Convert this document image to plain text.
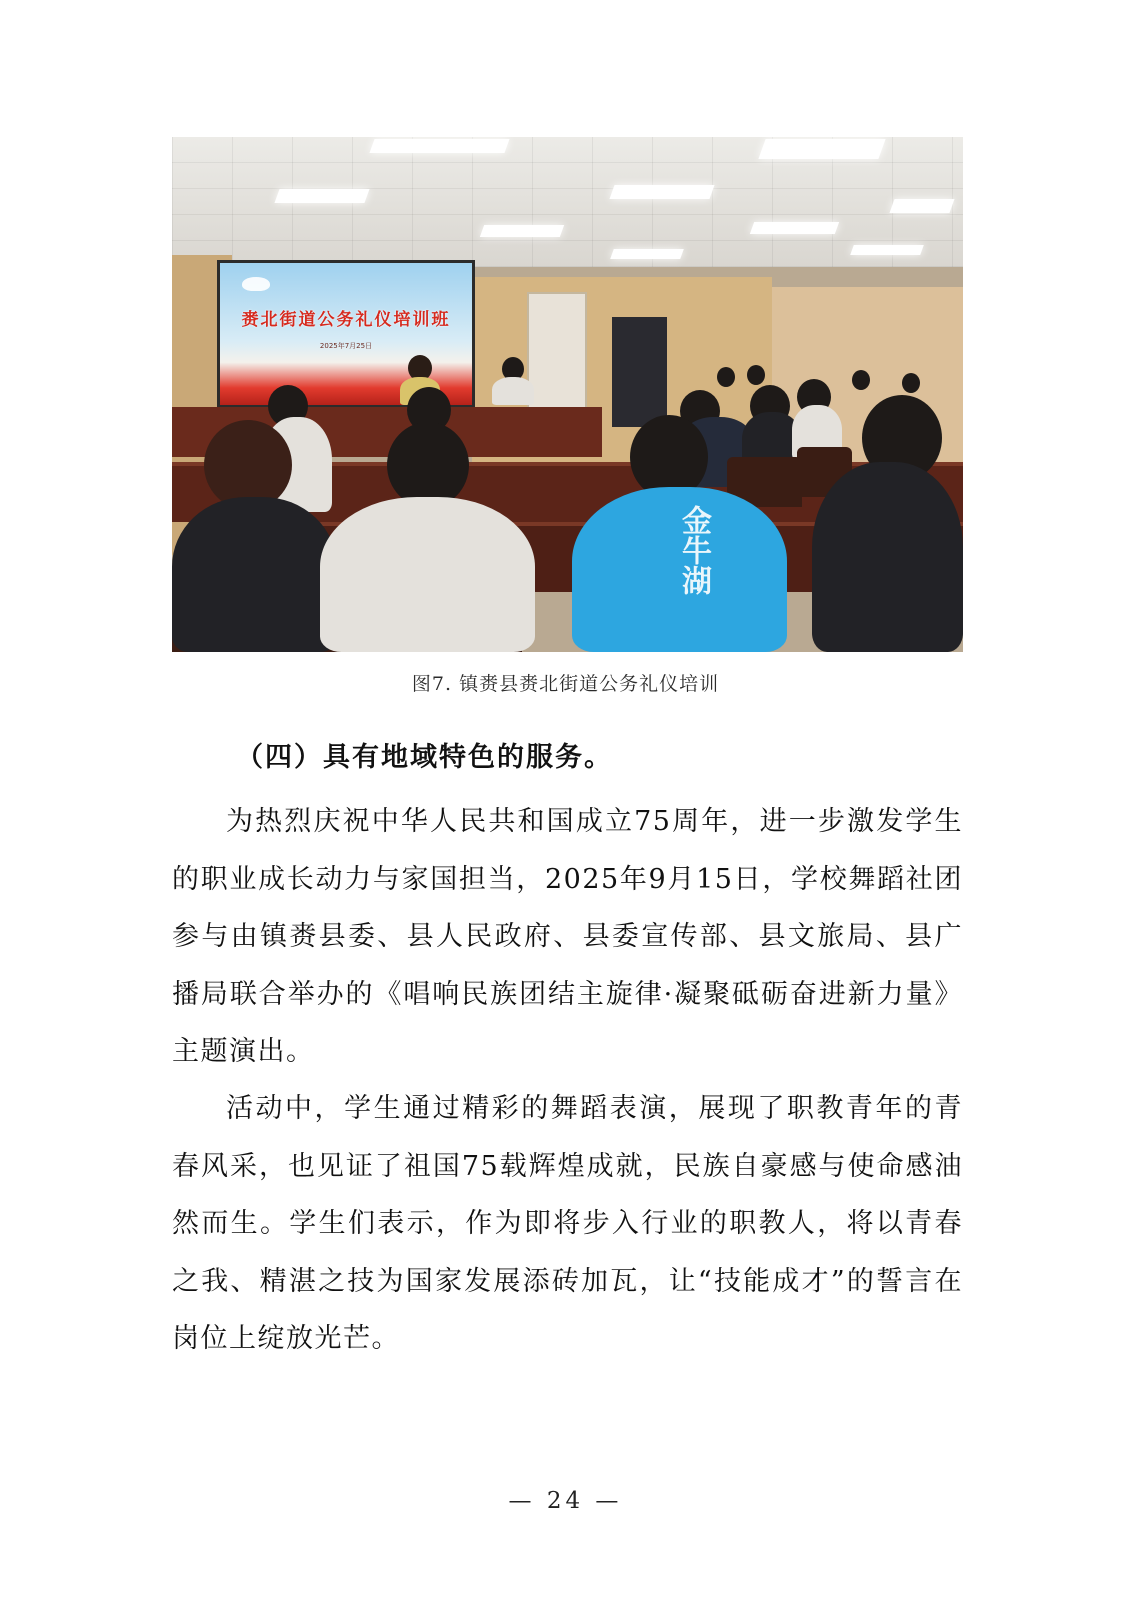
赉北街道公务礼仪培训班
2025年7月25日
金牛湖
图7. 镇赉县赉北街道公务礼仪培训
（四）具有地域特色的服务。

为热烈庆祝中华人民共和国成立75周年，进一步激发学生的职业成长动力与家国担当，2025年9月15日，学校舞蹈社团参与由镇赉县委、县人民政府、县委宣传部、县文旅局、县广播局联合举办的《唱响民族团结主旋律·凝聚砥砺奋进新力量》主题演出。

活动中，学生通过精彩的舞蹈表演，展现了职教青年的青春风采，也见证了祖国75载辉煌成就，民族自豪感与使命感油然而生。学生们表示，作为即将步入行业的职教人，将以青春之我、精湛之技为国家发展添砖加瓦，让“技能成才”的誓言在岗位上绽放光芒。

— 24 —
